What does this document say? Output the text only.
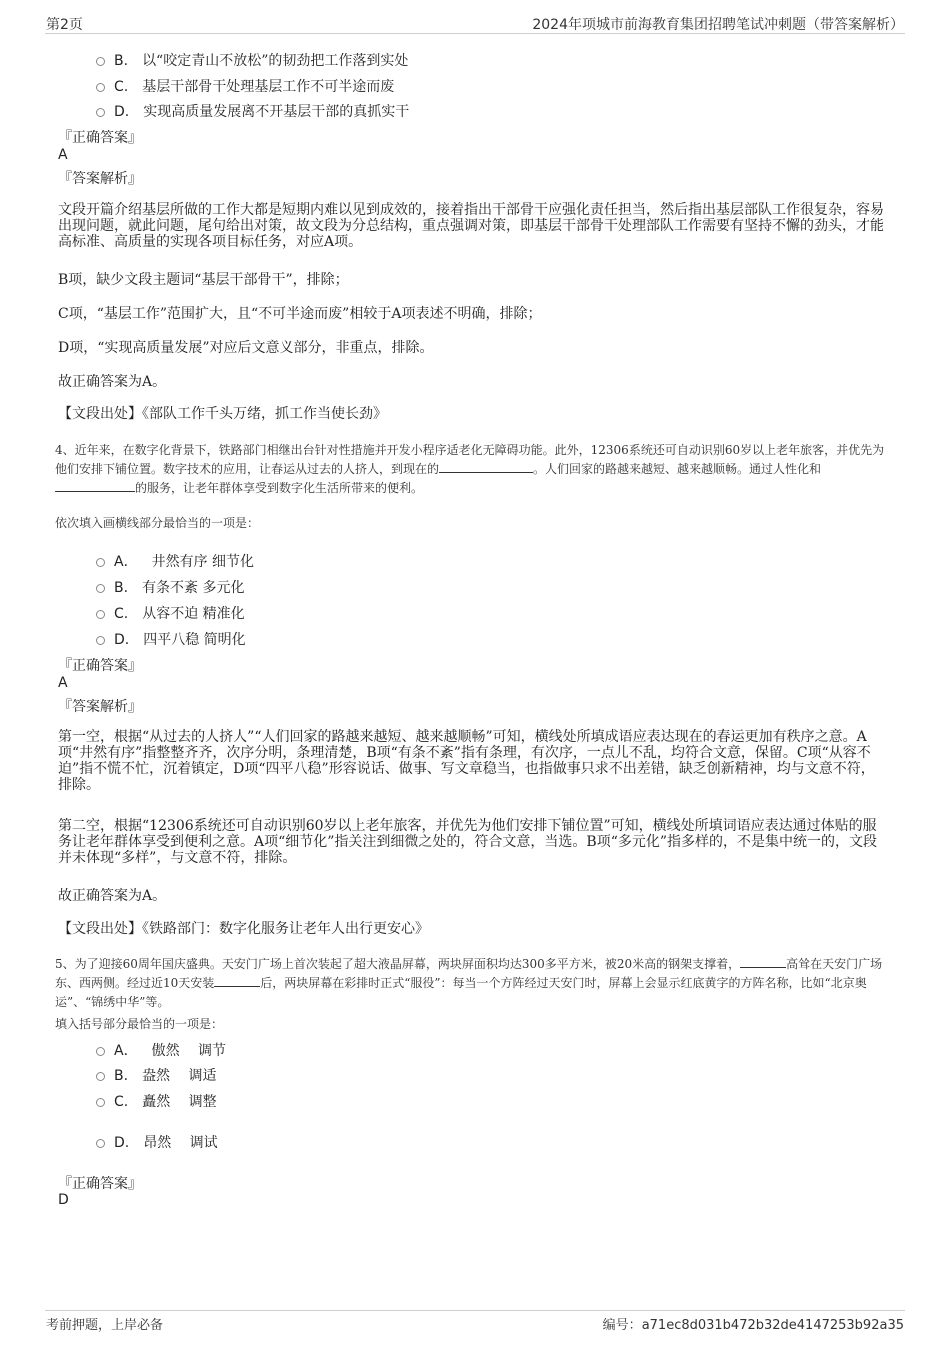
第2页	2024年项城市前海教育集团招聘笔试冲刺题（带答案解析）
B. 以“咬定青山不放松”的韧劲把工作落到实处
C. 基层干部骨干处理基层工作不可半途而废
D. 实现高质量发展离不开基层干部的真抓实干
『正确答案』
A
『答案解析』
文段开篇介绍基层所做的工作大都是短期内难以见到成效的，接着指出干部骨干应强化责任担当，然后指出基层部队工作很复杂，容易出现问题，就此问题，尾句给出对策，故文段为分总结构，重点强调对策，即基层干部骨干处理部队工作需要有坚持不懈的劲头，才能高标准、高质量的实现各项目标任务，对应A项。
B项，缺少文段主题词“基层干部骨干”，排除；
C项，“基层工作”范围扩大，且“不可半途而废”相较于A项表述不明确，排除；
D项，“实现高质量发展”对应后文意义部分，非重点，排除。
故正确答案为A。
【文段出处】《部队工作千头万绪，抓工作当使长劲》
4、近年来，在数字化背景下，铁路部门相继出台针对性措施并开发小程序适老化无障碍功能。此外，12306系统还可自动识别60岁以上老年旅客，并优先为他们安排下铺位置。数字技术的应用，让春运从过去的人挤人，到现在的	。人们回家的路越来越短、越来越顺畅。通过人性化和的服务，让老年群体享受到数字化生活所带来的便利。
依次填入画横线部分最恰当的一项是：
A． 井然有序 细节化
B. 有条不紊 多元化
C. 从容不迫 精准化
D. 四平八稳 简明化
『正确答案』
A
『答案解析』
第一空，根据“从过去的人挤人”“人们回家的路越来越短、越来越顺畅”可知，横线处所填成语应表达现在的春运更加有秩序之意。A项“井然有序”指整整齐齐，次序分明，条理清楚，B项“有条不紊”指有条理，有次序，一点儿不乱，均符合文意，保留。C项“从容不迫”指不慌不忙，沉着镇定，D项“四平八稳”形容说话、做事、写文章稳当，也指做事只求不出差错，缺乏创新精神，均与文意不符，排除。
第二空，根据“12306系统还可自动识别60岁以上老年旅客，并优先为他们安排下铺位置”可知，横线处所填词语应表达通过体贴的服务让老年群体享受到便利之意。A项“细节化”指关注到细微之处的，符合文意，当选。B项“多元化”指多样的，不是集中统一的，文段并未体现“多样”，与文意不符，排除。
故正确答案为A。
【文段出处】《铁路部门：数字化服务让老年人出行更安心》
5、为了迎接60周年国庆盛典。天安门广场上首次装起了超大液晶屏幕，两块屏面积均达300多平方米，被20米高的钢架支撑着，	高耸在天安门广场东、西两侧。经过近10天安装	后，两块屏幕在彩排时正式“服役”：每当一个方阵经过天安门时，屏幕上会显示红底黄字的方阵名称，比如“北京奥运”、“锦绣中华”等。
填入括号部分最恰当的一项是：
A． 傲然　 调节
B. 盎然　 调适
C. 矗然　 调整
D. 昂然　 调试
『正确答案』
D
考前押题，上岸必备	编号：a71ec8d031b472b32de4147253b92a35
